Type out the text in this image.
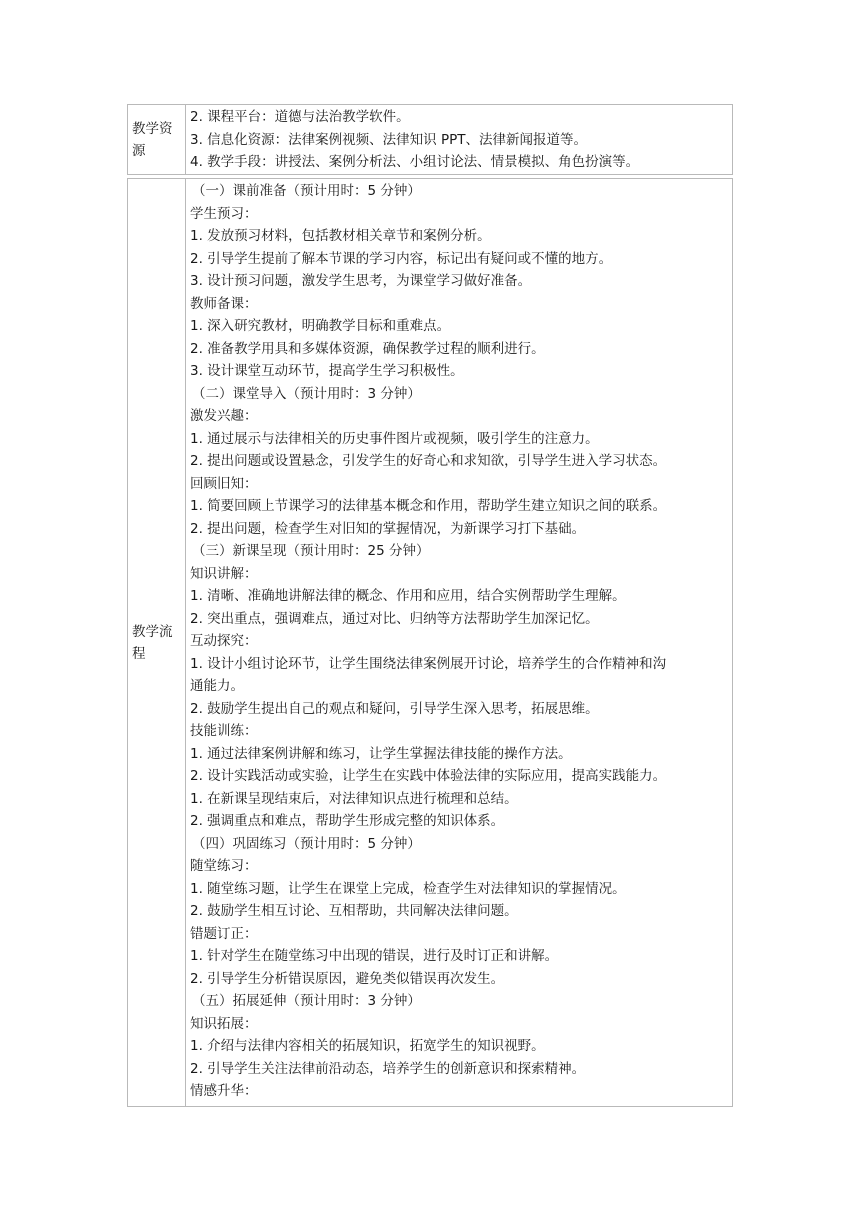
教学资源
2. 课程平台：道德与法治教学软件。
3. 信息化资源：法律案例视频、法律知识 PPT、法律新闻报道等。
4. 教学手段：讲授法、案例分析法、小组讨论法、情景模拟、角色扮演等。
教学流程
（一）课前准备（预计用时：5 分钟）
学生预习：
1. 发放预习材料，包括教材相关章节和案例分析。
2. 引导学生提前了解本节课的学习内容，标记出有疑问或不懂的地方。
3. 设计预习问题，激发学生思考，为课堂学习做好准备。
教师备课：
1. 深入研究教材，明确教学目标和重难点。
2. 准备教学用具和多媒体资源，确保教学过程的顺利进行。
3. 设计课堂互动环节，提高学生学习积极性。
（二）课堂导入（预计用时：3 分钟）
激发兴趣：
1. 通过展示与法律相关的历史事件图片或视频，吸引学生的注意力。
2. 提出问题或设置悬念，引发学生的好奇心和求知欲，引导学生进入学习状态。
回顾旧知：
1. 简要回顾上节课学习的法律基本概念和作用，帮助学生建立知识之间的联系。
2. 提出问题，检查学生对旧知的掌握情况，为新课学习打下基础。
（三）新课呈现（预计用时：25 分钟）
知识讲解：
1. 清晰、准确地讲解法律的概念、作用和应用，结合实例帮助学生理解。
2. 突出重点，强调难点，通过对比、归纳等方法帮助学生加深记忆。
互动探究：
1. 设计小组讨论环节，让学生围绕法律案例展开讨论，培养学生的合作精神和沟
通能力。
2. 鼓励学生提出自己的观点和疑问，引导学生深入思考，拓展思维。
技能训练：
1. 通过法律案例讲解和练习，让学生掌握法律技能的操作方法。
2. 设计实践活动或实验，让学生在实践中体验法律的实际应用，提高实践能力。
1. 在新课呈现结束后，对法律知识点进行梳理和总结。
2. 强调重点和难点，帮助学生形成完整的知识体系。
（四）巩固练习（预计用时：5 分钟）
随堂练习：
1. 随堂练习题，让学生在课堂上完成，检查学生对法律知识的掌握情况。
2. 鼓励学生相互讨论、互相帮助，共同解决法律问题。
错题订正：
1. 针对学生在随堂练习中出现的错误，进行及时订正和讲解。
2. 引导学生分析错误原因，避免类似错误再次发生。
（五）拓展延伸（预计用时：3 分钟）
知识拓展：
1. 介绍与法律内容相关的拓展知识，拓宽学生的知识视野。
2. 引导学生关注法律前沿动态，培养学生的创新意识和探索精神。
情感升华：
